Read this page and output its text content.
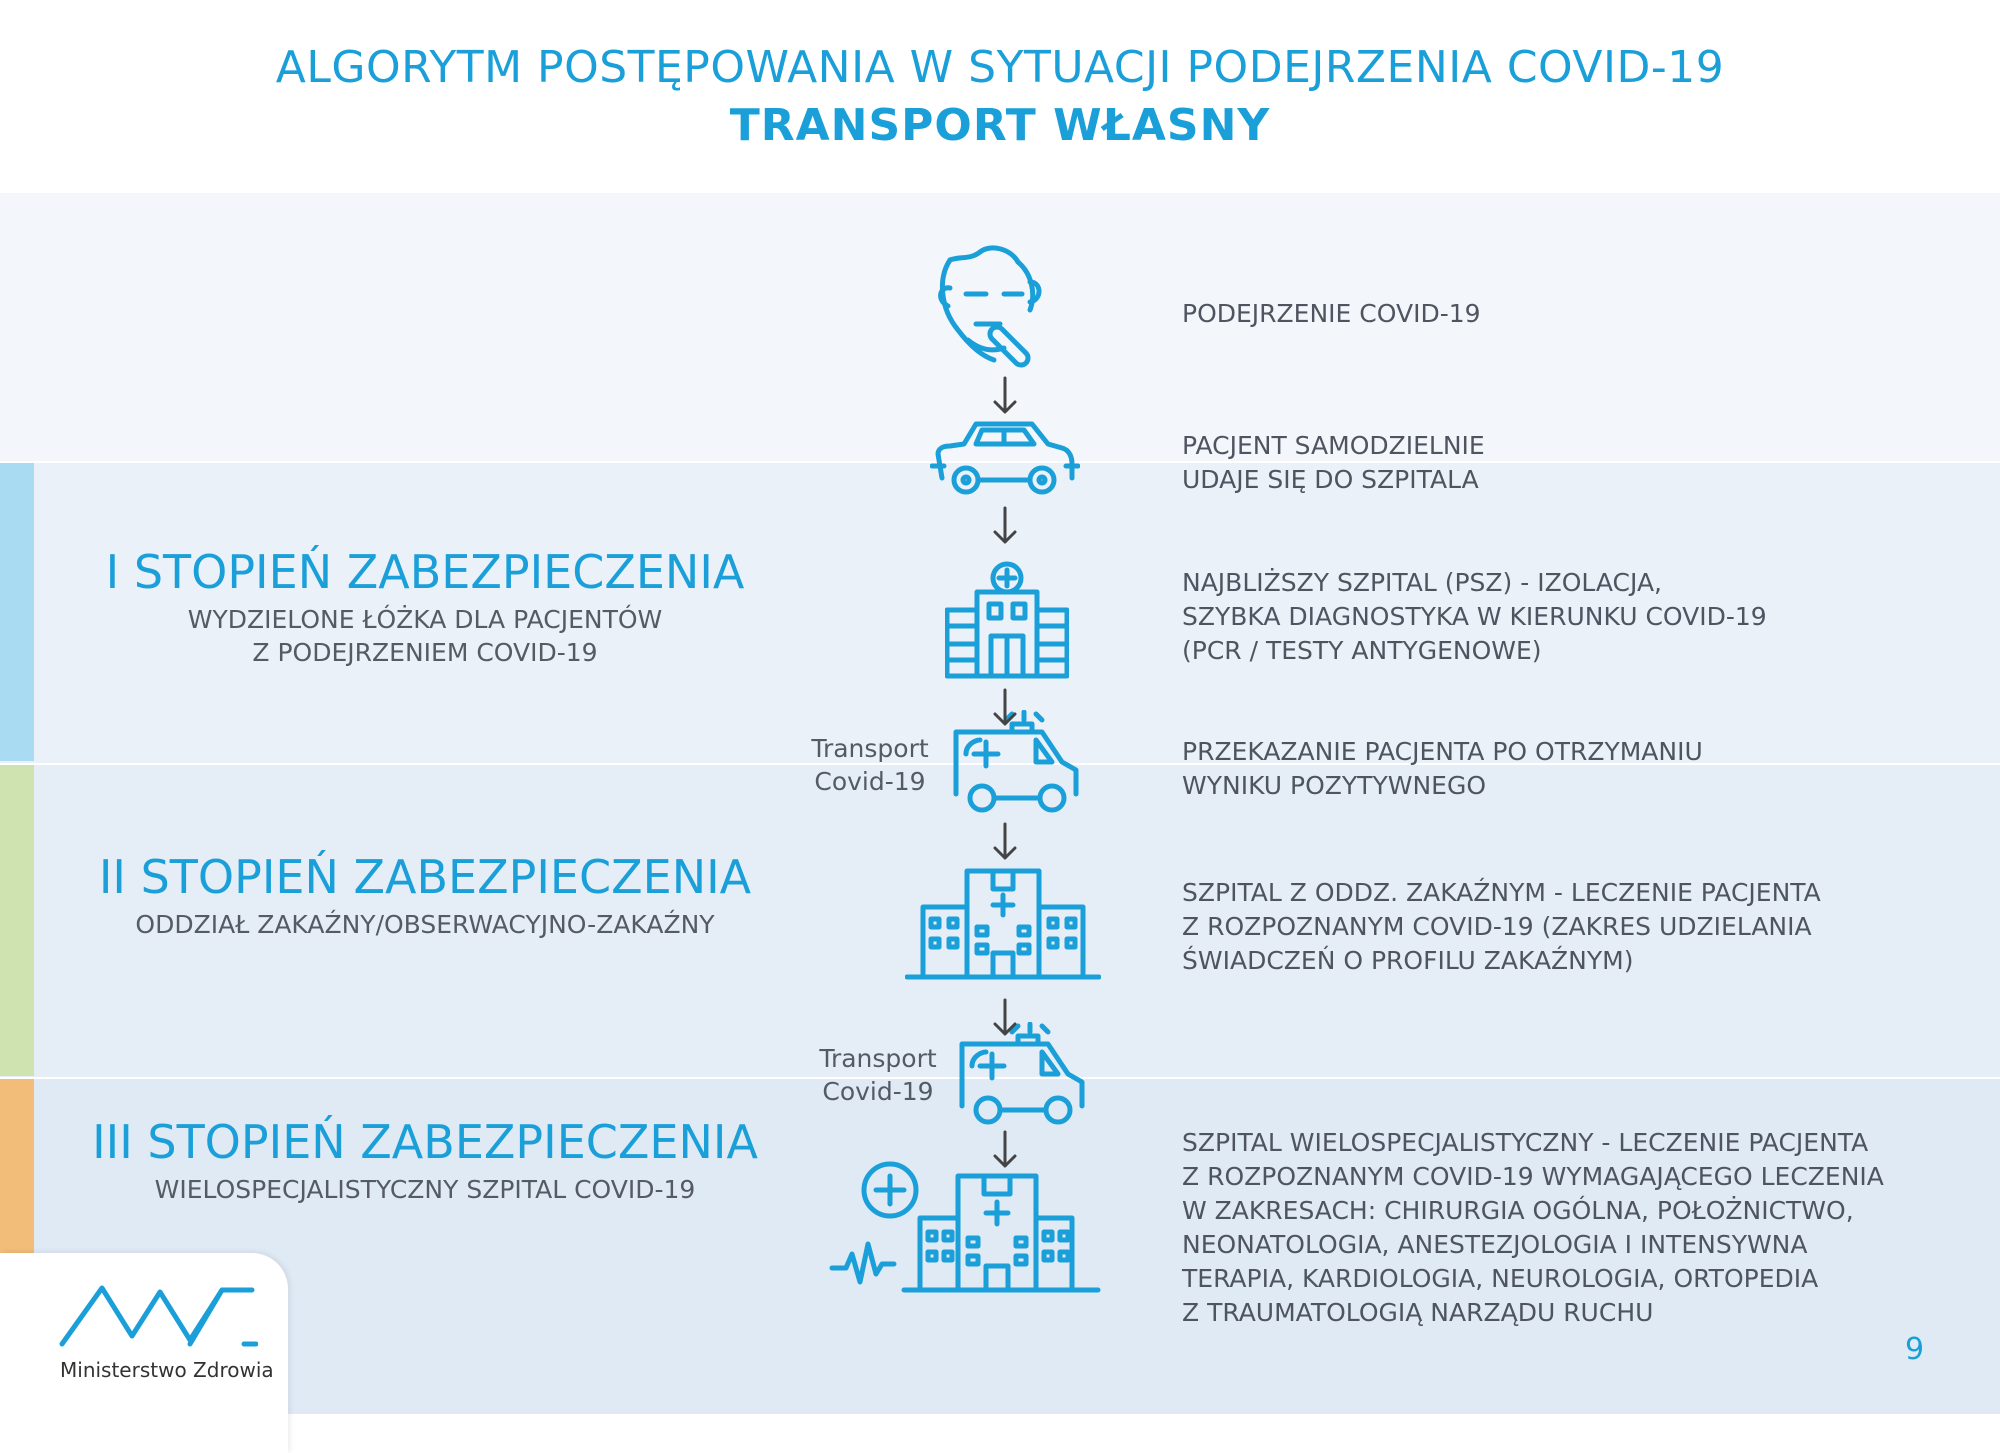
ALGORYTM POSTĘPOWANIA W SYTUACJI PODEJRZENIA COVID-19
TRANSPORT WŁASNY
I STOPIEŃ ZABEZPIECZENIA
WYDZIELONE ŁÓŻKA DLA PACJENTÓW
Z PODEJRZENIEM COVID-19
II STOPIEŃ ZABEZPIECZENIA
ODDZIAŁ ZAKAŹNY/OBSERWACYJNO-ZAKAŹNY
III STOPIEŃ ZABEZPIECZENIA
WIELOSPECJALISTYCZNY SZPITAL COVID-19

PODEJRZENIE COVID-19

PACJENT SAMODZIELNIE
UDAJE SIĘ DO SZPITALA

NAJBLIŻSZY SZPITAL (PSZ) - IZOLACJA,
SZYBKA DIAGNOSTYKA W KIERUNKU COVID-19
(PCR / TESTY ANTYGENOWE)

PRZEKAZANIE PACJENTA PO OTRZYMANIU
WYNIKU POZYTYWNEGO

SZPITAL Z ODDZ. ZAKAŹNYM - LECZENIE PACJENTA
Z ROZPOZNANYM COVID-19 (ZAKRES UDZIELANIA
ŚWIADCZEŃ O PROFILU ZAKAŹNYM)

SZPITAL WIELOSPECJALISTYCZNY - LECZENIE PACJENTA
Z ROZPOZNANYM COVID-19 WYMAGAJĄCEGO LECZENIA
W ZAKRESACH: CHIRURGIA OGÓLNA, POŁOŻNICTWO,
NEONATOLOGIA, ANESTEZJOLOGIA I INTENSYWNA
TERAPIA, KARDIOLOGIA, NEUROLOGIA, ORTOPEDIA
Z TRAUMATOLOGIĄ NARZĄDU RUCHU

Transport
Covid-19
Transport
Covid-19
Ministerstwo Zdrowia
9
